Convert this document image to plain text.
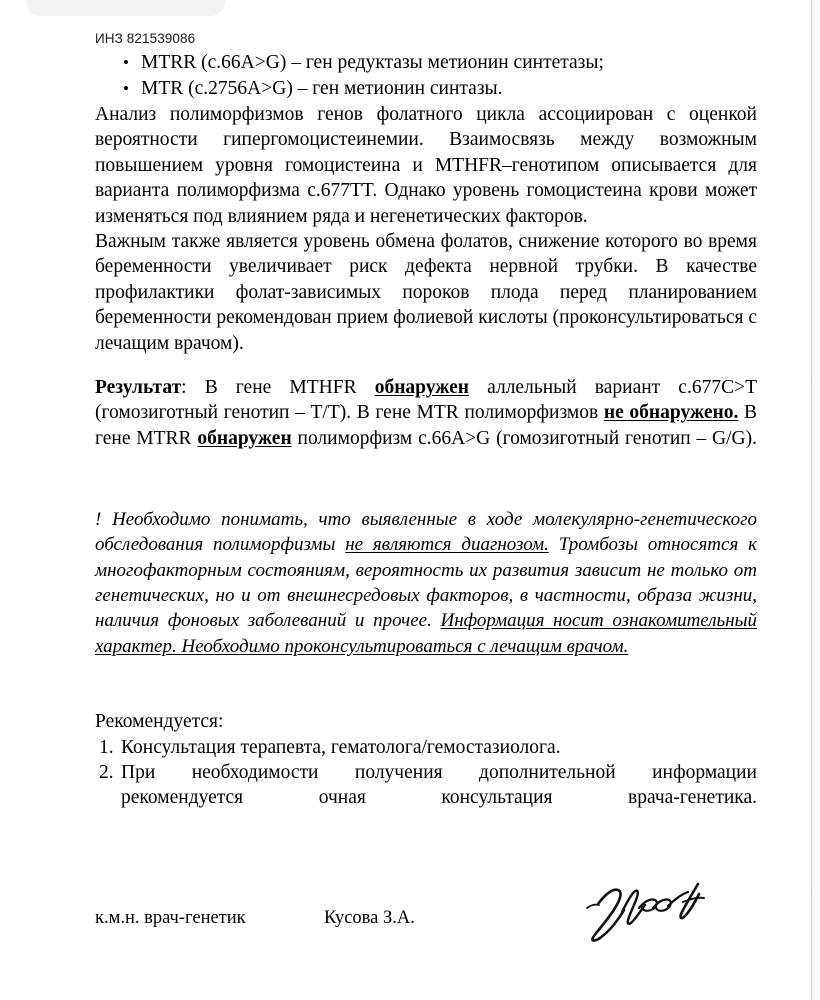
ИНЗ 821539086
• MTRR (c.66A>G) – ген редуктазы метионин синтетазы;
• MTR (c.2756A>G) – ген метионин синтазы.

Анализ полиморфизмов генов фолатного цикла ассоциирован с оценкой вероятности гипергомоцистеинемии. Взаимосвязь между возможным повышением уровня гомоцистеина и MTHFR–генотипом описывается для варианта полиморфизма c.677TT. Однако уровень гомоцистеина крови может изменяться под влиянием ряда и негенетических факторов.

Важным также является уровень обмена фолатов, снижение которого во время беременности увеличивает риск дефекта нервной трубки. В качестве профилактики фолат-зависимых пороков плода перед планированием беременности рекомендован прием фолиевой кислоты (проконсультироваться с лечащим врачом).

Результат: В гене MTHFR обнаружен аллельный вариант c.677C>T (гомозиготный генотип – T/T). В гене MTR полиморфизмов не обнаружено. В гене MTRR обнаружен полиморфизм c.66A>G (гомозиготный генотип – G/G).

! Необходимо понимать, что выявленные в ходе молекулярно-генетического обследования полиморфизмы не являются диагнозом. Тромбозы относятся к многофакторным состояниям, вероятность их развития зависит не только от генетических, но и от внешнесредовых факторов, в частности, образа жизни, наличия фоновых заболеваний и прочее. Информация носит ознакомительный характер. Необходимо проконсультироваться с лечащим врачом.

Рекомендуется:

1. Консультация терапевта, гематолога/гемостазиолога.
2. При необходимости получения дополнительной информации рекомендуется очная консультация врача-генетика.
к.м.н. врач-генетик	Кусова З.А.
